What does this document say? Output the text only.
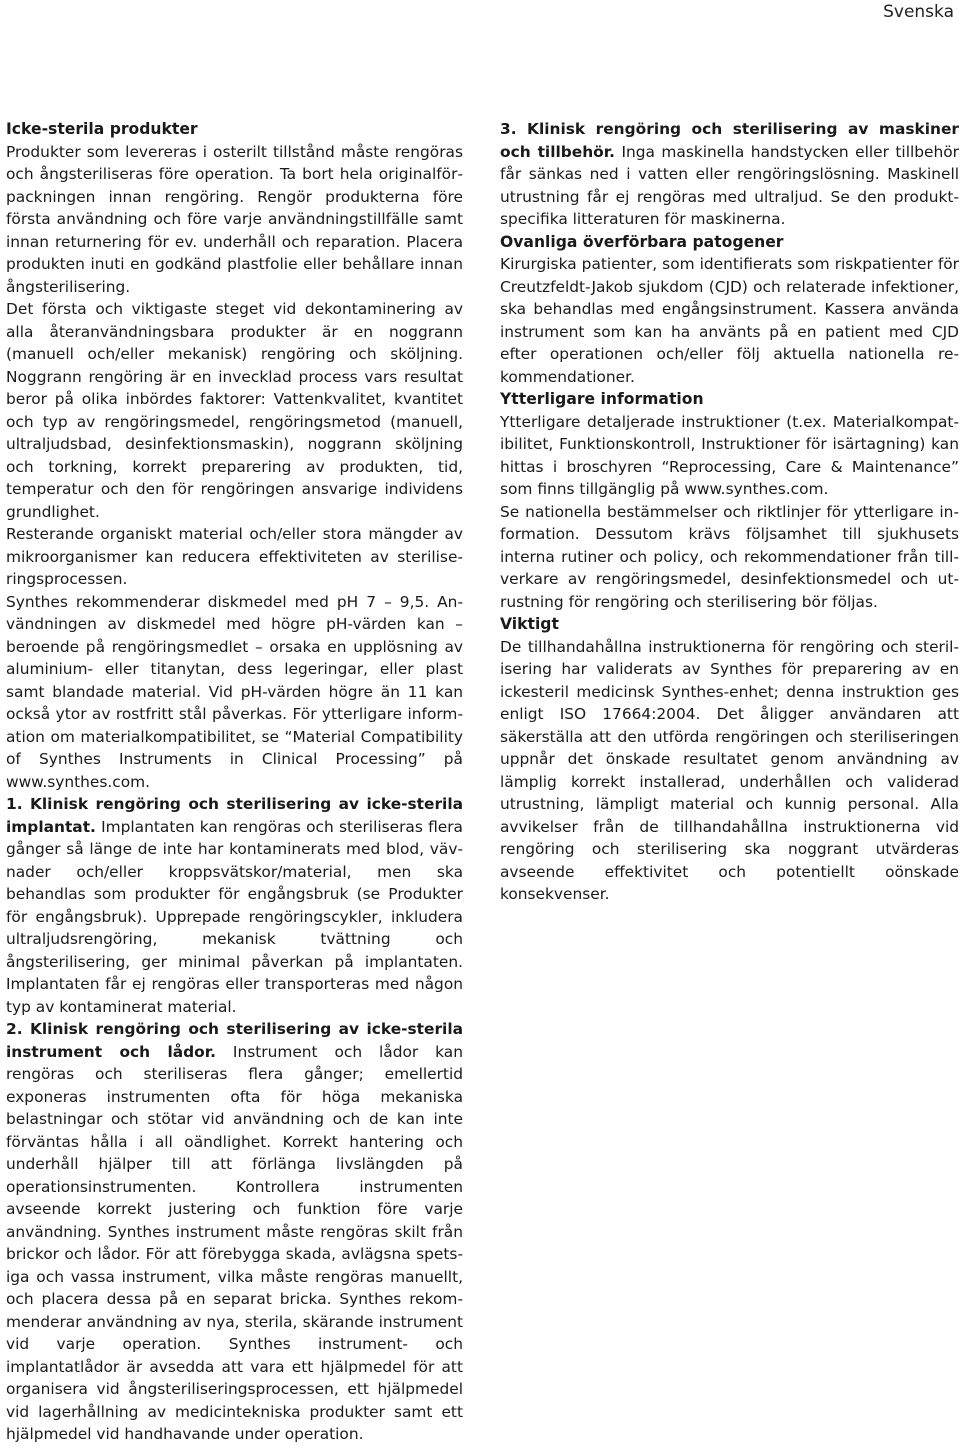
Svenska
Icke-sterila produkter

Produkter som levereras i osterilt tillstånd måste rengöras och ångsteriliseras före operation. Ta bort hela originalförpackningen innan rengöring. Rengör produkterna före första användning och före varje användningstillfälle samt innan returnering för ev. underhåll och reparation. Placera produkten inuti en godkänd plastfolie eller behållare innan ångsterilisering.

Det första och viktigaste steget vid dekontaminering av alla återanvändningsbara produkter är en noggrann (manuell och/eller mekanisk) rengöring och sköljning. Noggrann rengöring är en invecklad process vars resultat beror på olika inbördes faktorer: Vattenkvalitet, kvantitet och typ av rengöringsmedel, rengöringsmetod (manuell, ultraljudsbad, desinfektionsmaskin), noggrann sköljning och torkning, korrekt preparering av produkten, tid, temperatur och den för rengöringen ansvarige individens grundlighet.

Resterande organiskt material och/eller stora mängder av mikroorganismer kan reducera effektiviteten av steriliseringsprocessen.

Synthes rekommenderar diskmedel med pH 7 – 9,5. Användningen av diskmedel med högre pH-värden kan – beroende på rengöringsmedlet – orsaka en upplösning av aluminium- eller titanytan, dess legeringar, eller plast samt blandade material. Vid pH-värden högre än 11 kan också ytor av rostfritt stål påverkas. För ytterligare information om materialkompatibilitet, se “Material Compatibility of Synthes Instruments in Clinical Processing” på www.synthes.com.

1. Klinisk rengöring och sterilisering av icke-sterila implantat. Implantaten kan rengöras och steriliseras flera gånger så länge de inte har kontaminerats med blod, vävnader och/eller kroppsvätskor/material, men ska behandlas som produkter för engångsbruk (se Produkter för engångsbruk). Upprepade rengöringscykler, inkludera ultraljudsrengöring, mekanisk tvättning och ångsterilisering, ger minimal påverkan på implantaten. Implantaten får ej rengöras eller transporteras med någon typ av kontaminerat material.

2. Klinisk rengöring och sterilisering av icke-sterila instrument och lådor. Instrument och lådor kan rengöras och steriliseras flera gånger; emellertid exponeras instrumenten ofta för höga mekaniska belastningar och stötar vid användning och de kan inte förväntas hålla i all oändlighet. Korrekt hantering och underhåll hjälper till att förlänga livslängden på operationsinstrumenten. Kontrollera instrumenten avseende korrekt justering och funktion före varje användning. Synthes instrument måste rengöras skilt från brickor och lådor. För att förebygga skada, avlägsna spetsiga och vassa instrument, vilka måste rengöras manuellt, och placera dessa på en separat bricka. Synthes rekommenderar användning av nya, sterila, skärande instrument vid varje operation. Synthes instrument- och implantatlådor är avsedda att vara ett hjälpmedel för att organisera vid ångsteriliseringsprocessen, ett hjälpmedel vid lagerhållning av medicintekniska produkter samt ett hjälpmedel vid handhavande under operation.

3. Klinisk rengöring och sterilisering av maskiner och tillbehör. Inga maskinella handstycken eller tillbehör får sänkas ned i vatten eller rengöringslösning. Maskinell utrustning får ej rengöras med ultraljud. Se den produktspecifika litteraturen för maskinerna.

Ovanliga överförbara patogener

Kirurgiska patienter, som identifierats som riskpatienter för Creutzfeldt-Jakob sjukdom (CJD) och relaterade infektioner, ska behandlas med engångsinstrument. Kassera använda instrument som kan ha använts på en patient med CJD efter operationen och/eller följ aktuella nationella rekommendationer.

Ytterligare information

Ytterligare detaljerade instruktioner (t.ex. Materialkompatibilitet, Funktionskontroll, Instruktioner för isärtagning) kan hittas i broschyren “Reprocessing, Care & Maintenance” som finns tillgänglig på www.synthes.com.

Se nationella bestämmelser och riktlinjer för ytterligare information. Dessutom krävs följsamhet till sjukhusets interna rutiner och policy, och rekommendationer från tillverkare av rengöringsmedel, desinfektionsmedel och utrustning för rengöring och sterilisering bör följas.

Viktigt

De tillhandahållna instruktionerna för rengöring och sterilisering har validerats av Synthes för preparering av en ickesteril medicinsk Synthes-enhet; denna instruktion ges enligt ISO 17664:2004. Det åligger användaren att säkerställa att den utförda rengöringen och steriliseringen uppnår det önskade resultatet genom användning av lämplig korrekt installerad, underhållen och validerad utrustning, lämpligt material och kunnig personal. Alla avvikelser från de tillhandahållna instruktionerna vid rengöring och sterilisering ska noggrant utvärderas avseende effektivitet och potentiellt oönskade konsekvenser.
